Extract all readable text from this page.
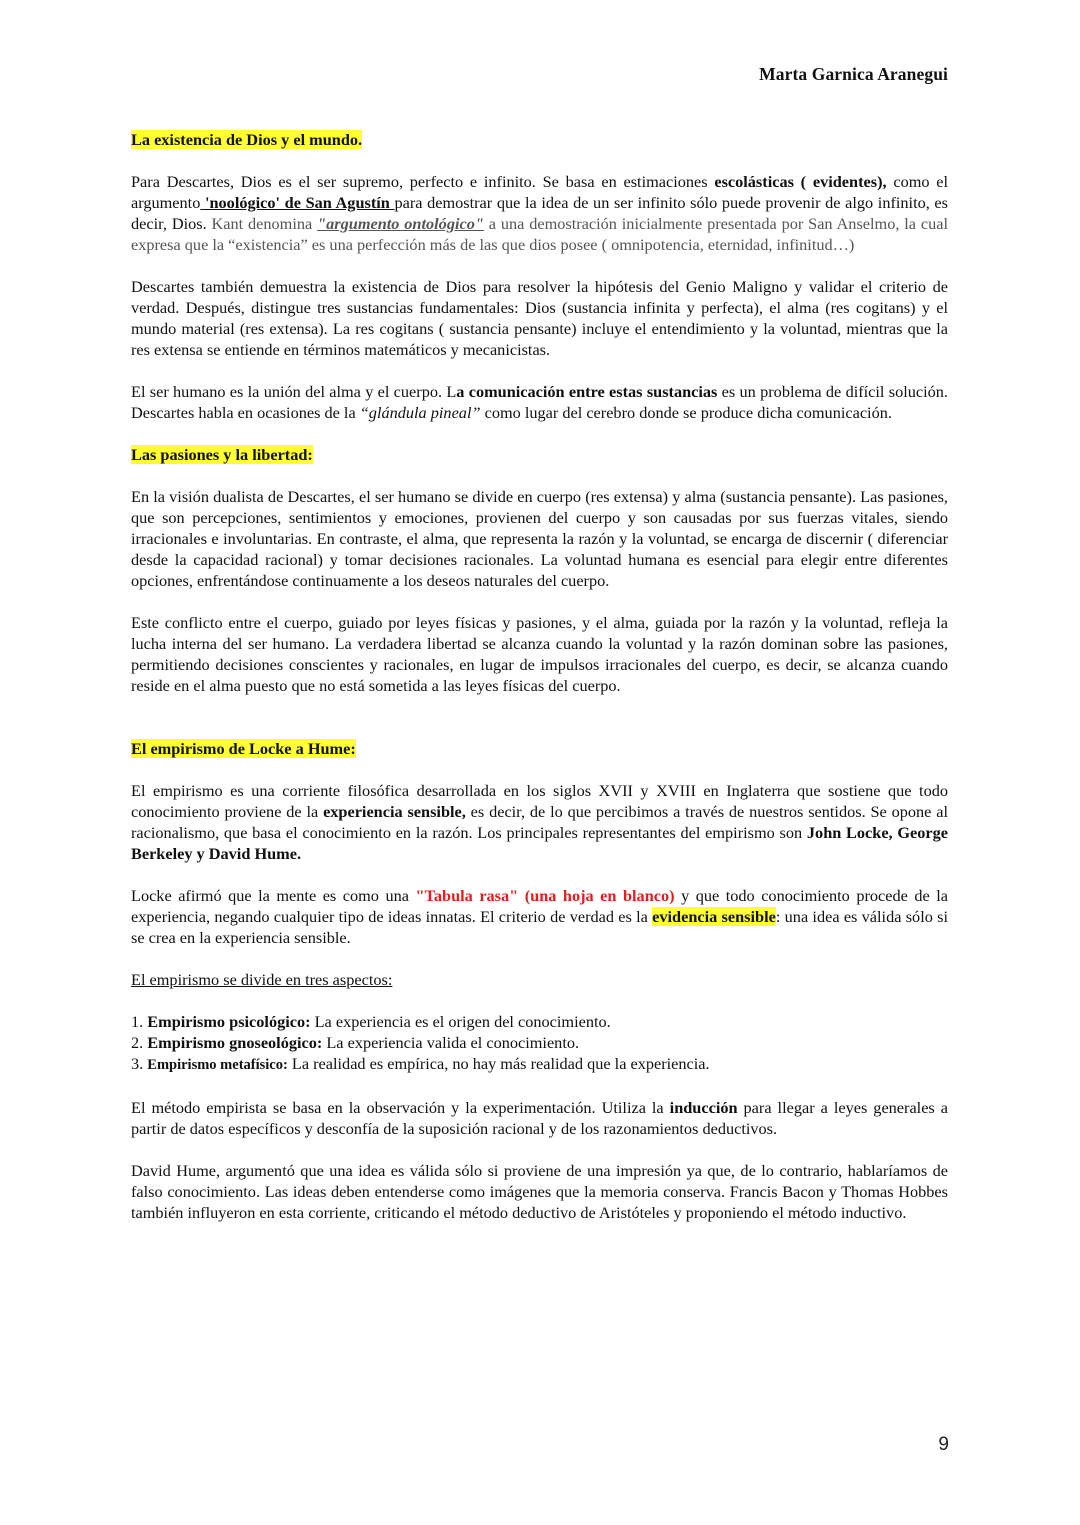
Marta Garnica Aranegui
La existencia de Dios y el mundo.

Para Descartes, Dios es el ser supremo, perfecto e infinito. Se basa en estimaciones escolásticas ( evidentes), como el argumento 'noológico' de San Agustín para demostrar que la idea de un ser infinito sólo puede provenir de algo infinito, es decir, Dios. Kant denomina "argumento ontológico" a una demostración inicialmente presentada por San Anselmo, la cual expresa que la “existencia” es una perfección más de las que dios posee ( omnipotencia, eternidad, infinitud…)

Descartes también demuestra la existencia de Dios para resolver la hipótesis del Genio Maligno y validar el criterio de verdad. Después, distingue tres sustancias fundamentales: Dios (sustancia infinita y perfecta), el alma (res cogitans) y el mundo material (res extensa). La res cogitans ( sustancia pensante) incluye el entendimiento y la voluntad, mientras que la res extensa se entiende en términos matemáticos y mecanicistas.

El ser humano es la unión del alma y el cuerpo. La comunicación entre estas sustancias es un problema de difícil solución. Descartes habla en ocasiones de la “glándula pineal” como lugar del cerebro donde se produce dicha comunicación.

Las pasiones y la libertad:

En la visión dualista de Descartes, el ser humano se divide en cuerpo (res extensa) y alma (sustancia pensante). Las pasiones, que son percepciones, sentimientos y emociones, provienen del cuerpo y son causadas por sus fuerzas vitales, siendo irracionales e involuntarias. En contraste, el alma, que representa la razón y la voluntad, se encarga de discernir ( diferenciar desde la capacidad racional) y tomar decisiones racionales. La voluntad humana es esencial para elegir entre diferentes opciones, enfrentándose continuamente a los deseos naturales del cuerpo.

Este conflicto entre el cuerpo, guiado por leyes físicas y pasiones, y el alma, guiada por la razón y la voluntad, refleja la lucha interna del ser humano. La verdadera libertad se alcanza cuando la voluntad y la razón dominan sobre las pasiones, permitiendo decisiones conscientes y racionales, en lugar de impulsos irracionales del cuerpo, es decir, se alcanza cuando reside en el alma puesto que no está sometida a las leyes físicas del cuerpo.

El empirismo de Locke a Hume:

El empirismo es una corriente filosófica desarrollada en los siglos XVII y XVIII en Inglaterra que sostiene que todo conocimiento proviene de la experiencia sensible, es decir, de lo que percibimos a través de nuestros sentidos. Se opone al racionalismo, que basa el conocimiento en la razón. Los principales representantes del empirismo son John Locke, George Berkeley y David Hume.

Locke afirmó que la mente es como una "Tabula rasa" (una hoja en blanco) y que todo conocimiento procede de la experiencia, negando cualquier tipo de ideas innatas. El criterio de verdad es la evidencia sensible: una idea es válida sólo si se crea en la experiencia sensible.

El empirismo se divide en tres aspectos:

1. Empirismo psicológico: La experiencia es el origen del conocimiento.
2. Empirismo gnoseológico: La experiencia valida el conocimiento.
3. Empirismo metafísico: La realidad es empírica, no hay más realidad que la experiencia.

El método empirista se basa en la observación y la experimentación. Utiliza la inducción para llegar a leyes generales a partir de datos específicos y desconfía de la suposición racional y de los razonamientos deductivos.

David Hume, argumentó que una idea es válida sólo si proviene de una impresión ya que, de lo contrario, hablaríamos de falso conocimiento. Las ideas deben entenderse como imágenes que la memoria conserva. Francis Bacon y Thomas Hobbes también influyeron en esta corriente, criticando el método deductivo de Aristóteles y proponiendo el método inductivo.

9
